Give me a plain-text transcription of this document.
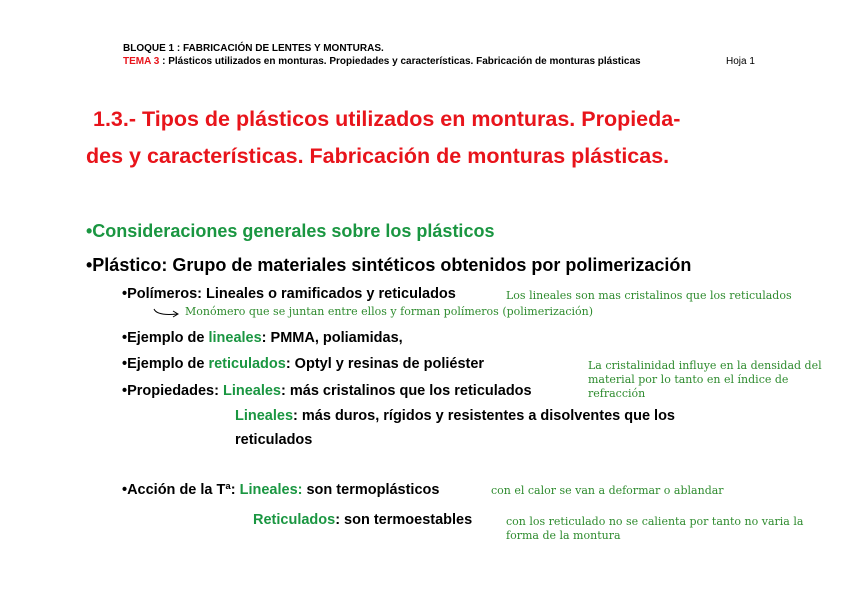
BLOQUE 1 : FABRICACIÓN DE LENTES Y MONTURAS.
TEMA 3 : Plásticos utilizados en monturas. Propiedades y características. Fabricación de monturas plásticas	Hoja 1
1.3.- Tipos de plásticos utilizados en monturas. Propieda-
des y características. Fabricación de monturas plásticas.
•Consideraciones generales sobre los plásticos
•Plástico: Grupo de materiales sintéticos obtenidos por polimerización
•Polímeros: Lineales o ramificados y reticulados	Los lineales son mas cristalinos que los reticulados
Monómero que se juntan entre ellos y forman polímeros (polimerización)
•Ejemplo de lineales: PMMA, poliamidas,
•Ejemplo de reticulados: Optyl y resinas de poliéster	La cristalinidad influye en la densidad del
material por lo tanto en el índice de
refracción
•Propiedades: Lineales: más cristalinos que los reticulados
Lineales: más duros, rígidos y resistentes a disolventes que los
reticulados
•Acción de la Tª: Lineales: son termoplásticos	con el calor se van a deformar o ablandar
Reticulados: son termoestables	con los reticulado no se calienta por tanto no varia la
forma de la montura
